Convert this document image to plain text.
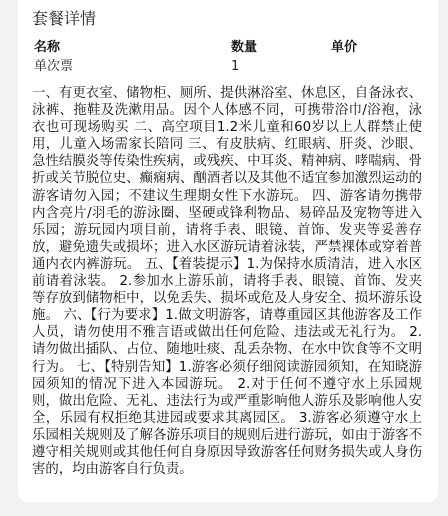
套餐详情
名称	数量	单价
单次票	1

一、有更衣室、储物柜、厕所、提供淋浴室、休息区，自备泳衣、泳裤、拖鞋及洗漱用品。因个人体感不同，可携带浴巾/浴袍，泳衣也可现场购买 二、高空项目1.2米儿童和60岁以上人群禁止使用，儿童入场需家长陪同 三、有皮肤病、红眼病、肝炎、沙眼、急性结膜炎等传染性疾病，或残疾、中耳炎、精神病、哮喘病、骨折或关节脱位史、癫痫病、酗酒者以及其他不适宜参加激烈运动的游客请勿入园；不建议生理期女性下水游玩。 四、游客请勿携带内含亮片/羽毛的游泳圈、坚硬或锋利物品、易碎品及宠物等进入乐园；游玩园内项目前，请将手表、眼镜、首饰、发夹等妥善存放，避免遗失或损坏；进入水区游玩请着泳装，严禁裸体或穿着普通内衣内裤游玩。 五、【着装提示】1.为保持水质清洁，进入水区前请着泳装。 2.参加水上游乐前，请将手表、眼镜、首饰、发夹等存放到储物柜中，以免丢失、损坏或危及人身安全、损坏游乐设施。 六、【行为要求】1.做文明游客，请尊重园区其他游客及工作人员，请勿使用不雅言语或做出任何危险、违法或无礼行为。 2.请勿做出插队、占位、随地吐痰、乱丢杂物、在水中饮食等不文明行为。 七、【特别告知】1.游客必须仔细阅读游园须知，在知晓游园须知的情况下进入本园游玩。 2.对于任何不遵守水上乐园规则，做出危险、无礼、违法行为或严重影响他人游乐及影响他人安全，乐园有权拒绝其进园或要求其离园区。 3.游客必须遵守水上乐园相关规则及了解各游乐项目的规则后进行游玩，如由于游客不遵守相关规则或其他任何自身原因导致游客任何财务损失或人身伤害的，均由游客自行负责。
